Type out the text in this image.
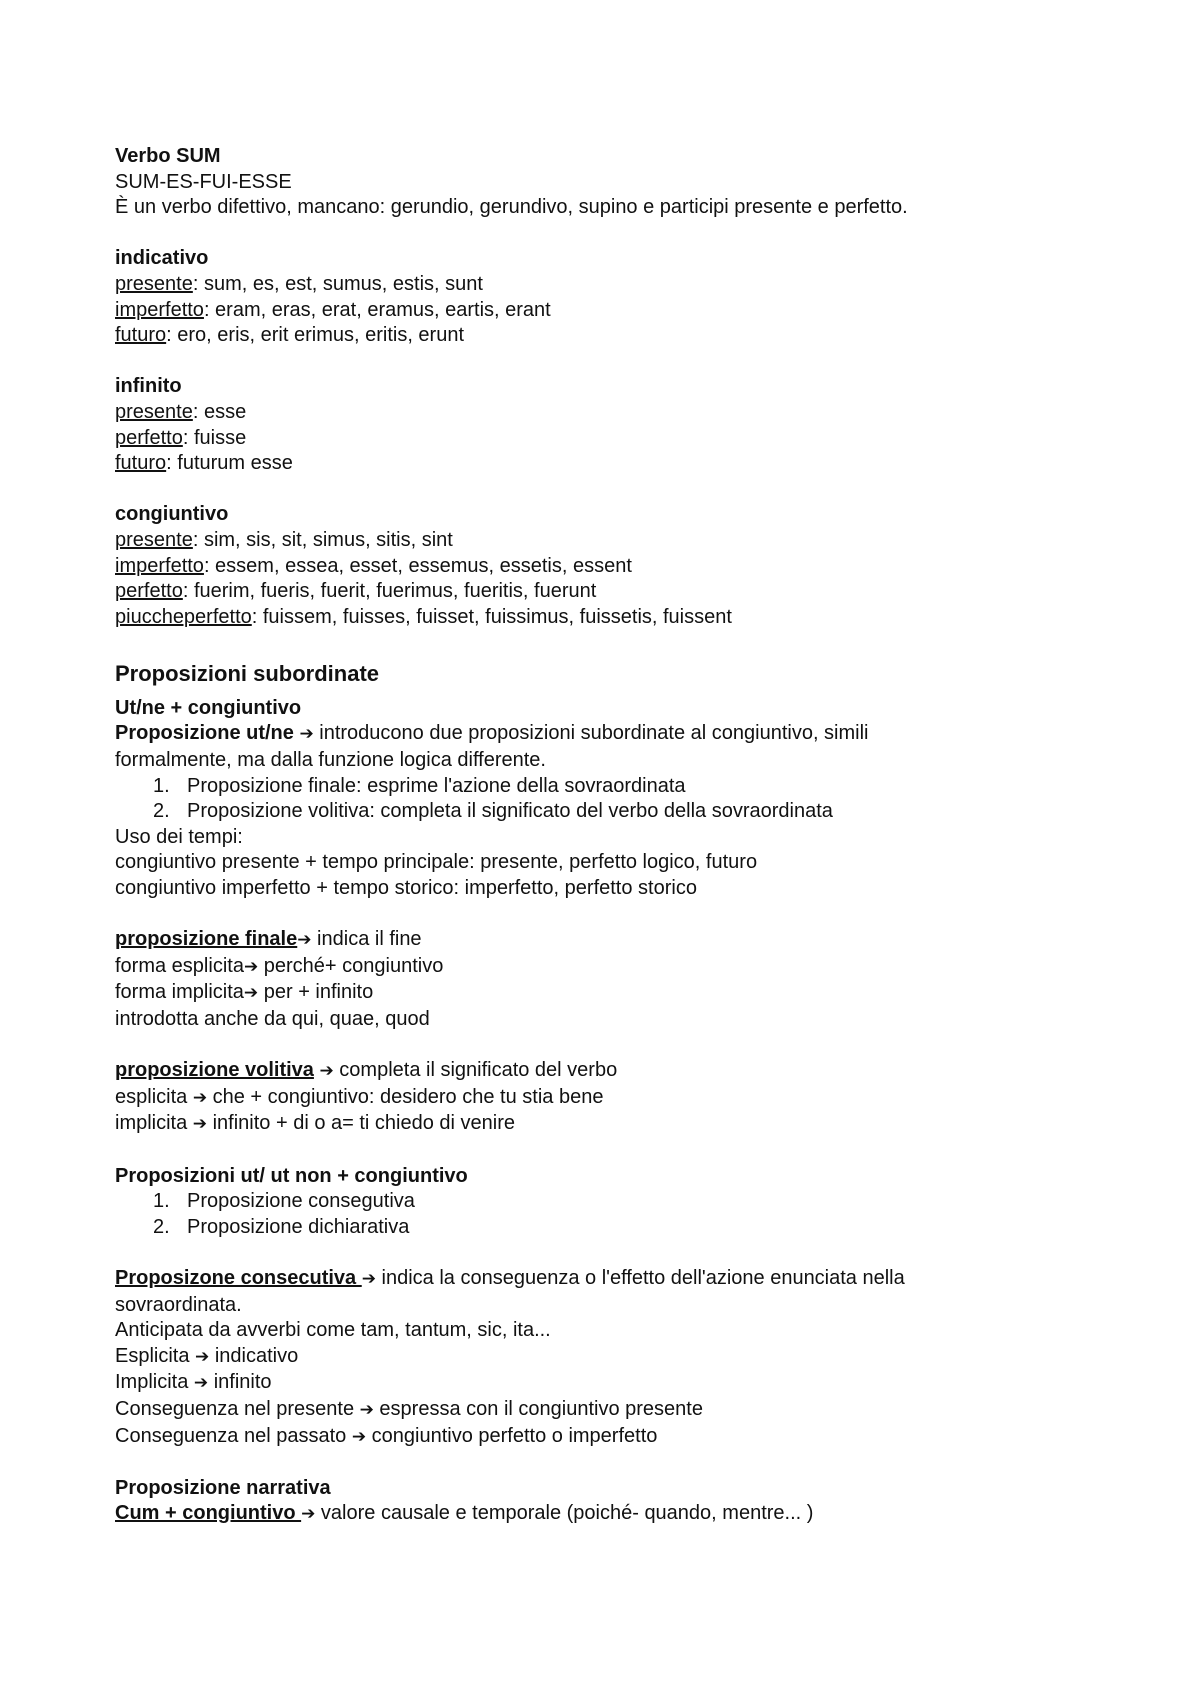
Verbo SUM
SUM-ES-FUI-ESSE
È un verbo difettivo, mancano: gerundio, gerundivo, supino e participi presente e perfetto.
indicativo
presente: sum, es, est, sumus, estis, sunt
imperfetto: eram, eras, erat, eramus, eartis, erant
futuro: ero, eris, erit erimus, eritis, erunt
infinito
presente: esse
perfetto: fuisse
futuro: futurum esse
congiuntivo
presente: sim, sis, sit, simus, sitis, sint
imperfetto: essem, essea, esset, essemus, essetis, essent
perfetto: fuerim, fueris, fuerit, fuerimus, fueritis, fuerunt
piuccheperfetto: fuissem, fuisses, fuisset, fuissimus, fuissetis, fuissent
Proposizioni subordinate
Ut/ne + congiuntivo
Proposizione ut/ne ➔ introducono due proposizioni subordinate al congiuntivo, simili
formalmente, ma dalla funzione logica differente.
1. Proposizione finale: esprime l'azione della sovraordinata
2. Proposizione volitiva: completa il significato del verbo della sovraordinata
Uso dei tempi:
congiuntivo presente + tempo principale: presente, perfetto logico, futuro
congiuntivo imperfetto + tempo storico: imperfetto, perfetto storico
proposizione finale➔ indica il fine
forma esplicita➔ perché+ congiuntivo
forma implicita➔ per + infinito
introdotta anche da qui, quae, quod
proposizione volitiva ➔ completa il significato del verbo
esplicita ➔ che + congiuntivo: desidero che tu stia bene
implicita ➔ infinito + di o a= ti chiedo di venire
Proposizioni ut/ ut non + congiuntivo
1. Proposizione consegutiva
2. Proposizione dichiarativa
Proposizone consecutiva ➔ indica la conseguenza o l'effetto dell'azione enunciata nella
sovraordinata.
Anticipata da avverbi come tam, tantum, sic, ita...
Esplicita ➔ indicativo
Implicita ➔ infinito
Conseguenza nel presente ➔ espressa con il congiuntivo presente
Conseguenza nel passato ➔ congiuntivo perfetto o imperfetto
Proposizione narrativa
Cum + congiuntivo ➔ valore causale e temporale (poiché- quando, mentre... )
